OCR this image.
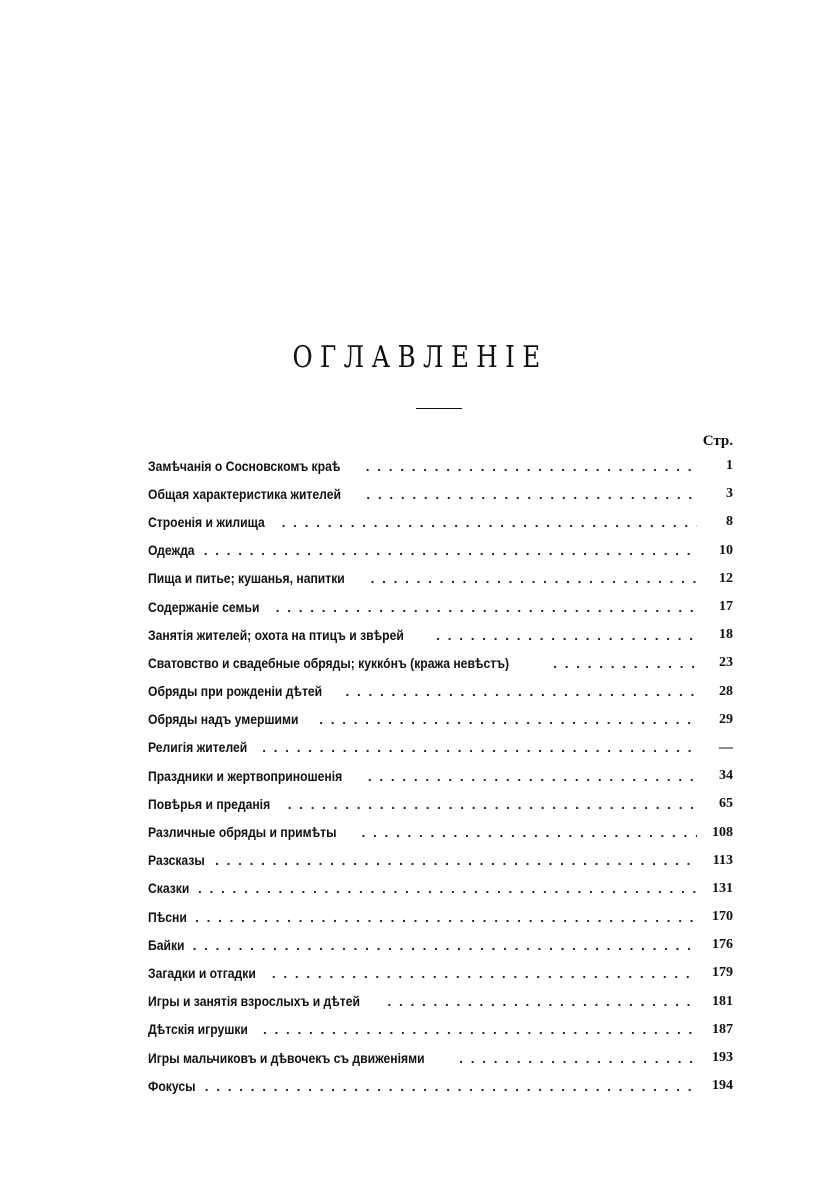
ОГЛАВЛЕНІЕ
Стр.
Замѣчанія о Сосновскомъ краѣ . . .	1
Общая характеристика жителей . . .	3
Строенія и жилища . . .	8
Одежда . . .	10
Пища и питье; кушанья, напитки . . .	12
Содержаніе семьи . . .	17
Занятія жителей; охота на птицъ и звѣрей . . .	18
Сватовство и свадебные обряды; куккóнъ (кража невѣстъ) . . .	23
Обряды при рожденіи дѣтей . . .	28
Обряды надъ умершими . . .	29
Религія жителей . . .	—
Праздники и жертвоприношенія . . .	34
Повѣрья и преданія . . .	65
Различные обряды и примѣты . . .	108
Разсказы . . .	113
Сказки . . .	131
Пѣсни . . .	170
Байки . . .	176
Загадки и отгадки . . .	179
Игры и занятія взрослыхъ и дѣтей . . .	181
Дѣтскія игрушки . . .	187
Игры мальчиковъ и дѣвочекъ съ движеніями . . .	193
Фокусы . . .	194
